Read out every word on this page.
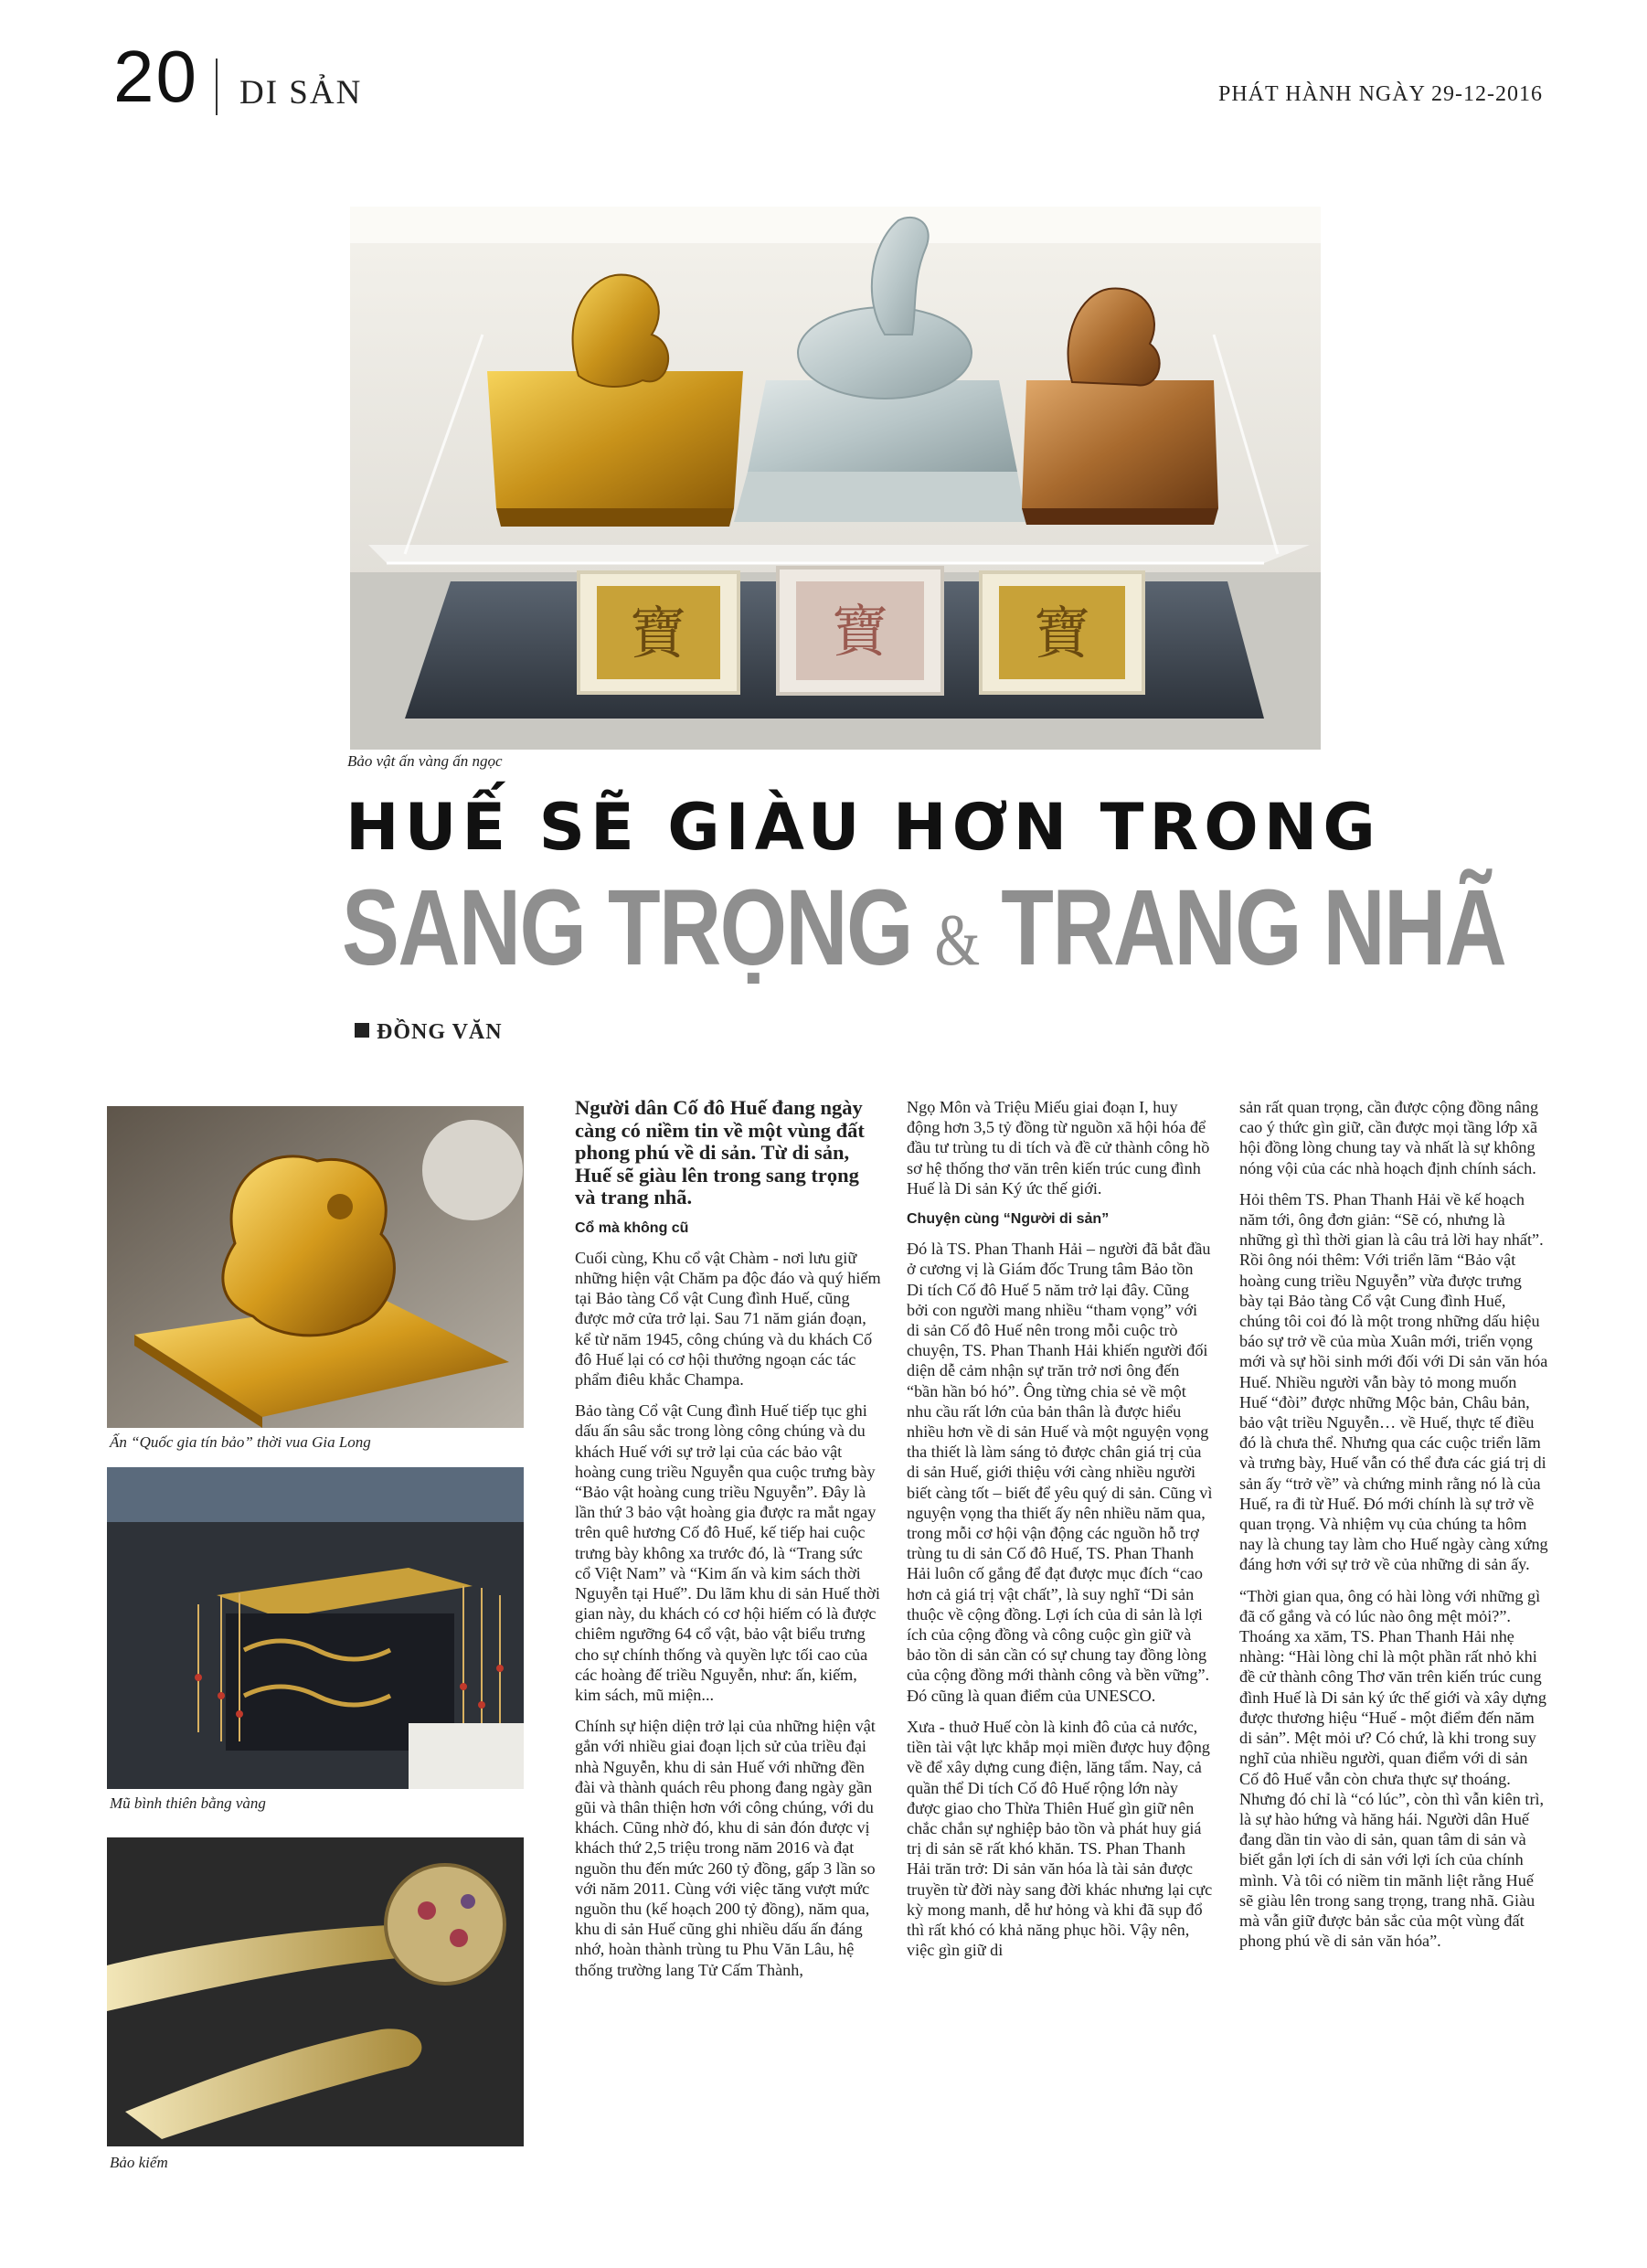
20 DI SẢN	PHÁT HÀNH NGÀY 29-12-2016
寶	寶	寶
Bảo vật ấn vàng ấn ngọc
HUẾ SẼ GIÀU HƠN TRONG
SANG TRỌNG & TRANG NHÃ
ĐỒNG VĂN
Ấn “Quốc gia tín bảo” thời vua Gia Long
Mũ bình thiên bằng vàng
Bảo kiếm

Người dân Cố đô Huế đang ngày càng có niềm tin về một vùng đất phong phú về di sản. Từ di sản, Huế sẽ giàu lên trong sang trọng và trang nhã.

Cổ mà không cũ

Cuối cùng, Khu cổ vật Chàm - nơi lưu giữ những hiện vật Chăm pa độc đáo và quý hiếm tại Bảo tàng Cổ vật Cung đình Huế, cũng được mở cửa trở lại. Sau 71 năm gián đoạn, kể từ năm 1945, công chúng và du khách Cố đô Huế lại có cơ hội thưởng ngoạn các tác phẩm điêu khắc Champa.

Bảo tàng Cổ vật Cung đình Huế tiếp tục ghi dấu ấn sâu sắc trong lòng công chúng và du khách Huế với sự trở lại của các bảo vật hoàng cung triều Nguyễn qua cuộc trưng bày “Bảo vật hoàng cung triều Nguyễn”. Đây là lần thứ 3 bảo vật hoàng gia được ra mắt ngay trên quê hương Cố đô Huế, kế tiếp hai cuộc trưng bày không xa trước đó, là “Trang sức cổ Việt Nam” và “Kim ấn và kim sách thời Nguyễn tại Huế”. Du lãm khu di sản Huế thời gian này, du khách có cơ hội hiếm có là được chiêm ngưỡng 64 cổ vật, bảo vật biểu trưng cho sự chính thống và quyền lực tối cao của các hoàng đế triều Nguyễn, như: ấn, kiếm, kim sách, mũ miện...

Chính sự hiện diện trở lại của những hiện vật gắn với nhiều giai đoạn lịch sử của triều đại nhà Nguyễn, khu di sản Huế với những đền đài và thành quách rêu phong đang ngày gần gũi và thân thiện hơn với công chúng, với du khách. Cũng nhờ đó, khu di sản đón được vị khách thứ 2,5 triệu trong năm 2016 và đạt nguồn thu đến mức 260 tỷ đồng, gấp 3 lần so với năm 2011. Cùng với việc tăng vượt mức nguồn thu (kế hoạch 200 tỷ đồng), năm qua, khu di sản Huế cũng ghi nhiều dấu ấn đáng nhớ, hoàn thành trùng tu Phu Văn Lâu, hệ thống trường lang Tử Cấm Thành,

Ngọ Môn và Triệu Miếu giai đoạn I, huy động hơn 3,5 tỷ đồng từ nguồn xã hội hóa để đầu tư trùng tu di tích và đề cử thành công hồ sơ hệ thống thơ văn trên kiến trúc cung đình Huế là Di sản Ký ức thế giới.

Chuyện cùng “Người di sản”

Đó là TS. Phan Thanh Hải – người đã bắt đầu ở cương vị là Giám đốc Trung tâm Bảo tồn Di tích Cố đô Huế 5 năm trở lại đây. Cũng bởi con người mang nhiều “tham vọng” với di sản Cố đô Huế nên trong mỗi cuộc trò chuyện, TS. Phan Thanh Hải khiến người đối diện dễ cảm nhận sự trăn trở nơi ông đến “bần hần bó hó”. Ông từng chia sẻ về một nhu cầu rất lớn của bản thân là được hiểu nhiều hơn về di sản Huế và một nguyện vọng tha thiết là làm sáng tỏ được chân giá trị của di sản Huế, giới thiệu với càng nhiều người biết càng tốt – biết để yêu quý di sản. Cũng vì nguyện vọng tha thiết ấy nên nhiều năm qua, trong mỗi cơ hội vận động các nguồn hỗ trợ trùng tu di sản Cố đô Huế, TS. Phan Thanh Hải luôn cố gắng để đạt được mục đích “cao hơn cả giá trị vật chất”, là suy nghĩ “Di sản thuộc về cộng đồng. Lợi ích của di sản là lợi ích của cộng đồng và công cuộc gìn giữ và bảo tồn di sản cần có sự chung tay đồng lòng của cộng đồng mới thành công và bền vững”. Đó cũng là quan điểm của UNESCO.

Xưa - thuở Huế còn là kinh đô của cả nước, tiền tài vật lực khắp mọi miền được huy động về để xây dựng cung điện, lăng tẩm. Nay, cả quần thể Di tích Cố đô Huế rộng lớn này được giao cho Thừa Thiên Huế gìn giữ nên chắc chắn sự nghiệp bảo tồn và phát huy giá trị di sản sẽ rất khó khăn. TS. Phan Thanh Hải trăn trở: Di sản văn hóa là tài sản được truyền từ đời này sang đời khác nhưng lại cực kỳ mong manh, dễ hư hỏng và khi đã sụp đổ thì rất khó có khả năng phục hồi. Vậy nên, việc gìn giữ di

sản rất quan trọng, cần được cộng đồng nâng cao ý thức gìn giữ, cần được mọi tầng lớp xã hội đồng lòng chung tay và nhất là sự không nóng vội của các nhà hoạch định chính sách.

Hỏi thêm TS. Phan Thanh Hải về kế hoạch năm tới, ông đơn giản: “Sẽ có, nhưng là những gì thì thời gian là câu trả lời hay nhất”. Rồi ông nói thêm: Với triển lãm “Bảo vật hoàng cung triều Nguyễn” vừa được trưng bày tại Bảo tàng Cổ vật Cung đình Huế, chúng tôi coi đó là một trong những dấu hiệu báo sự trở về của mùa Xuân mới, triển vọng mới và sự hồi sinh mới đối với Di sản văn hóa Huế. Nhiều người vẫn bày tỏ mong muốn Huế “đòi” được những Mộc bản, Châu bản, bảo vật triều Nguyễn… về Huế, thực tế điều đó là chưa thể. Nhưng qua các cuộc triển lãm và trưng bày, Huế vẫn có thể đưa các giá trị di sản ấy “trở về” và chứng minh rằng nó là của Huế, ra đi từ Huế. Đó mới chính là sự trở về quan trọng. Và nhiệm vụ của chúng ta hôm nay là chung tay làm cho Huế ngày càng xứng đáng hơn với sự trở về của những di sản ấy.

“Thời gian qua, ông có hài lòng với những gì đã cố gắng và có lúc nào ông mệt mỏi?”. Thoáng xa xăm, TS. Phan Thanh Hải nhẹ nhàng: “Hài lòng chỉ là một phần rất nhỏ khi đề cử thành công Thơ văn trên kiến trúc cung đình Huế là Di sản ký ức thế giới và xây dựng được thương hiệu “Huế - một điểm đến năm di sản”. Mệt mỏi ư? Có chứ, là khi trong suy nghĩ của nhiều người, quan điểm với di sản Cố đô Huế vẫn còn chưa thực sự thoáng. Nhưng đó chỉ là “có lúc”, còn thì vẫn kiên trì, là sự hào hứng và hăng hái. Người dân Huế đang dần tin vào di sản, quan tâm di sản và biết gắn lợi ích di sản với lợi ích của chính mình. Và tôi có niềm tin mãnh liệt rằng Huế sẽ giàu lên trong sang trọng, trang nhã. Giàu mà vẫn giữ được bản sắc của một vùng đất phong phú về di sản văn hóa”.
